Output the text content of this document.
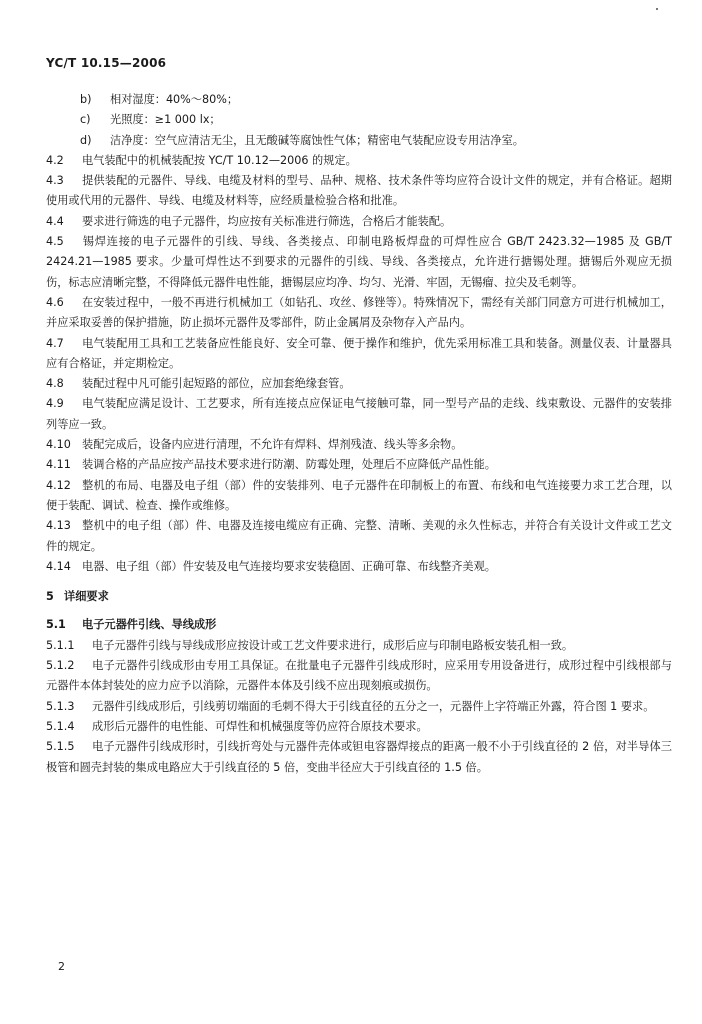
YC/T 10.15—2006

b) 相对湿度：40%～80%；

c) 光照度：≥1 000 lx；

d) 洁净度：空气应清洁无尘，且无酸碱等腐蚀性气体；精密电气装配应设专用洁净室。

4.2 电气装配中的机械装配按 YC/T 10.12—2006 的规定。

4.3 提供装配的元器件、导线、电缆及材料的型号、品种、规格、技术条件等均应符合设计文件的规定，并有合格证。超期使用或代用的元器件、导线、电缆及材料等，应经质量检验合格和批准。

4.4 要求进行筛选的电子元器件，均应按有关标准进行筛选，合格后才能装配。

4.5 锡焊连接的电子元器件的引线、导线、各类接点、印制电路板焊盘的可焊性应合 GB/T 2423.32—1985 及 GB/T 2424.21—1985 要求。少量可焊性达不到要求的元器件的引线、导线、各类接点，允许进行搪锡处理。搪锡后外观应无损伤，标志应清晰完整，不得降低元器件电性能，搪锡层应均净、均匀、光滑、牢固，无锡瘤、拉尖及毛刺等。

4.6 在安装过程中，一般不再进行机械加工（如钻孔、攻丝、修锉等）。特殊情况下，需经有关部门同意方可进行机械加工，并应采取妥善的保护措施，防止损坏元器件及零部件，防止金属屑及杂物存入产品内。

4.7 电气装配用工具和工艺装备应性能良好、安全可靠、便于操作和维护，优先采用标准工具和装备。测量仪表、计量器具应有合格证，并定期检定。

4.8 装配过程中凡可能引起短路的部位，应加套绝缘套管。

4.9 电气装配应满足设计、工艺要求，所有连接点应保证电气接触可靠，同一型号产品的走线、线束敷设、元器件的安装排列等应一致。

4.10 装配完成后，设备内应进行清理，不允许有焊料、焊剂残渣、线头等多余物。

4.11 装调合格的产品应按产品技术要求进行防潮、防霉处理，处理后不应降低产品性能。

4.12 整机的布局、电器及电子组（部）件的安装排列、电子元器件在印制板上的布置、布线和电气连接要力求工艺合理，以便于装配、调试、检查、操作或维修。

4.13 整机中的电子组（部）件、电器及连接电缆应有正确、完整、清晰、美观的永久性标志，并符合有关设计文件或工艺文件的规定。

4.14 电器、电子组（部）件安装及电气连接均要求安装稳固、正确可靠、布线整齐美观。

5 详细要求

5.1 电子元器件引线、导线成形

5.1.1 电子元器件引线与导线成形应按设计或工艺文件要求进行，成形后应与印制电路板安装孔相一致。

5.1.2 电子元器件引线成形由专用工具保证。在批量电子元器件引线成形时，应采用专用设备进行，成形过程中引线根部与元器件本体封装处的应力应予以消除，元器件本体及引线不应出现刻痕或损伤。

5.1.3 元器件引线成形后，引线剪切端面的毛刺不得大于引线直径的五分之一，元器件上字符端正外露，符合图 1 要求。

5.1.4 成形后元器件的电性能、可焊性和机械强度等仍应符合原技术要求。

5.1.5 电子元器件引线成形时，引线折弯处与元器件壳体或钽电容器焊接点的距离一般不小于引线直径的 2 倍，对半导体三极管和圆壳封装的集成电路应大于引线直径的 5 倍，变曲半径应大于引线直径的 1.5 倍。

2
